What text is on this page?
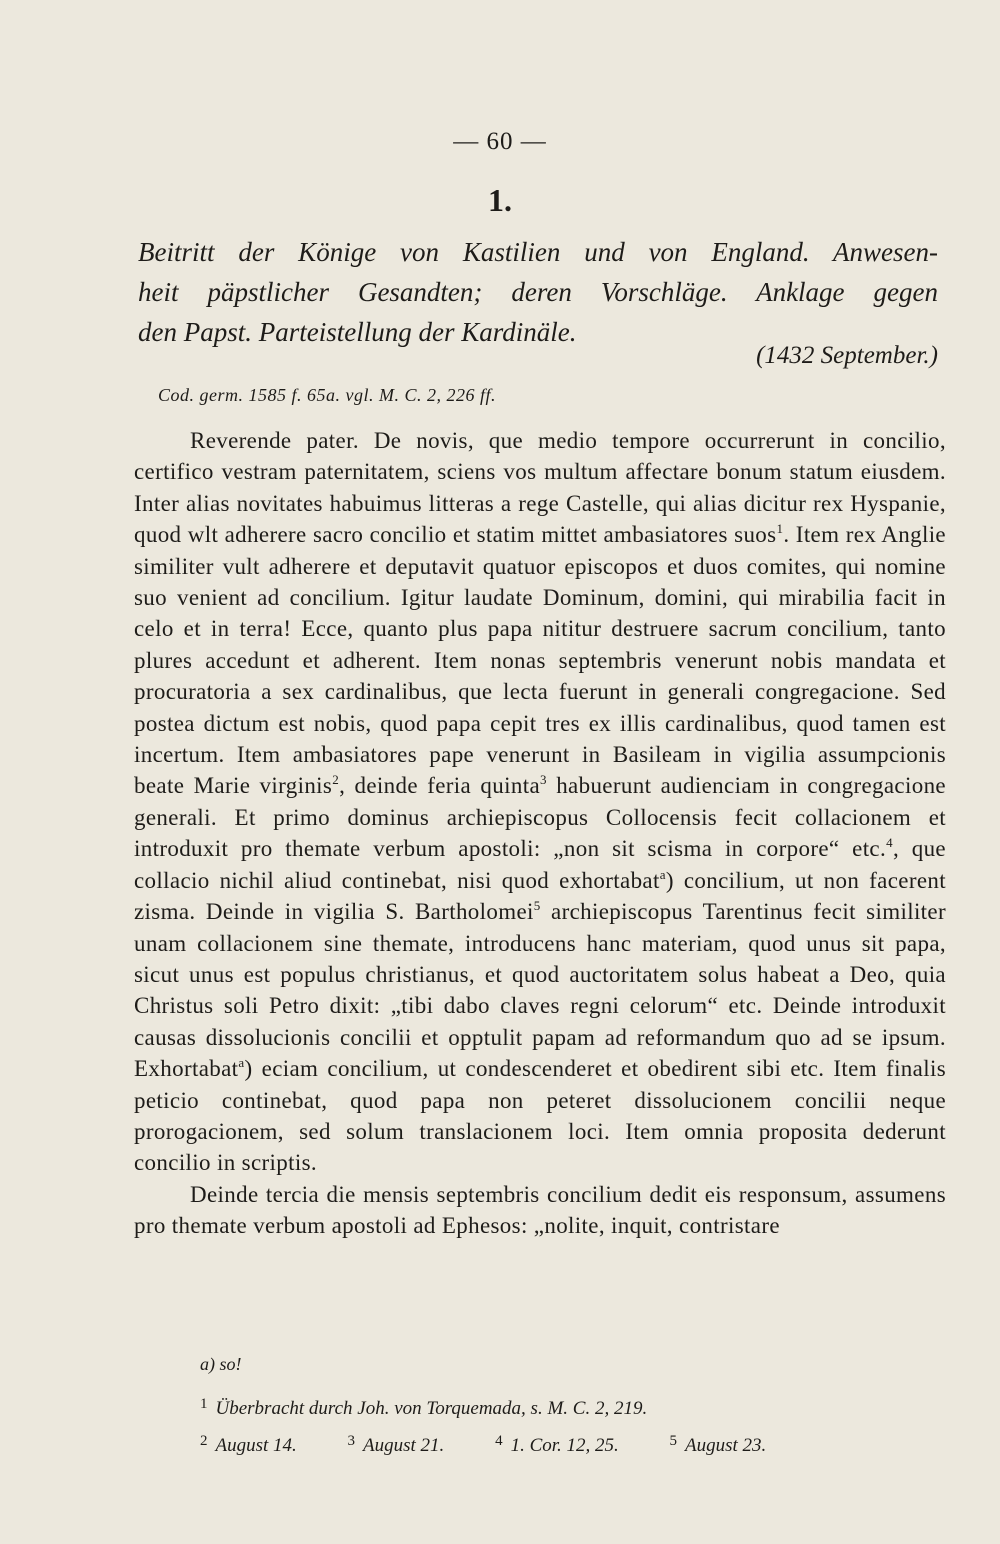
— 60 —
1.
Beitritt der Könige von Kastilien und von England. Anwesen-
heit päpstlicher Gesandten; deren Vorschläge. Anklage gegen
den Papst. Parteistellung der Kardinäle.
(1432 September.)
Cod. germ. 1585 f. 65a. vgl. M. C. 2, 226 ff.

Reverende pater. De novis, que medio tempore occurrerunt in concilio, certifico vestram paternitatem, sciens vos multum affectare bonum statum eiusdem. Inter alias novitates habuimus litteras a rege Castelle, qui alias dicitur rex Hyspanie, quod wlt adherere sacro concilio et statim mittet ambasiatores suos$^1$. Item rex Anglie similiter vult adherere et deputavit quatuor episcopos et duos comites, qui nomine suo venient ad concilium. Igitur laudate Dominum, domini, qui mirabilia facit in celo et in terra! Ecce, quanto plus papa nititur destruere sacrum concilium, tanto plures accedunt et adherent. Item nonas septembris venerunt nobis mandata et procuratoria a sex cardinalibus, que lecta fuerunt in generali congregacione. Sed postea dictum est nobis, quod papa cepit tres ex illis cardinalibus, quod tamen est incertum. Item ambasiatores pape venerunt in Basileam in vigilia assumpcionis beate Marie virginis$^2$, deinde feria quinta$^3$ habuerunt audienciam in congregacione generali. Et primo dominus archiepiscopus Collocensis fecit collacionem et introduxit pro themate verbum apostoli: „non sit scisma in corpore“ etc.$^4$, que collacio nichil aliud continebat, nisi quod exhortabat$^a$) concilium, ut non facerent zisma. Deinde in vigilia S. Bartholomei$^5$ archiepiscopus Tarentinus fecit similiter unam collacionem sine themate, introducens hanc materiam, quod unus sit papa, sicut unus est populus christianus, et quod auctoritatem solus habeat a Deo, quia Christus soli Petro dixit: „tibi dabo claves regni celorum“ etc. Deinde introduxit causas dissolucionis concilii et opptulit papam ad reformandum quo ad se ipsum. Exhortabat$^a$) eciam concilium, ut condescenderet et obedirent sibi etc. Item finalis peticio continebat, quod papa non peteret dissolucionem concilii neque prorogacionem, sed solum translacionem loci. Item omnia proposita dederunt concilio in scriptis.

Deinde tercia die mensis septembris concilium dedit eis responsum, assumens pro themate verbum apostoli ad Ephesos: „nolite, inquit, contristare

a) so!
$^1$ Überbracht durch Joh. von Torquemada, s. M. C. 2, 219.
$^2$ August 14.	$^3$ August 21.	$^4$ 1. Cor. 12, 25.	$^5$ August 23.
